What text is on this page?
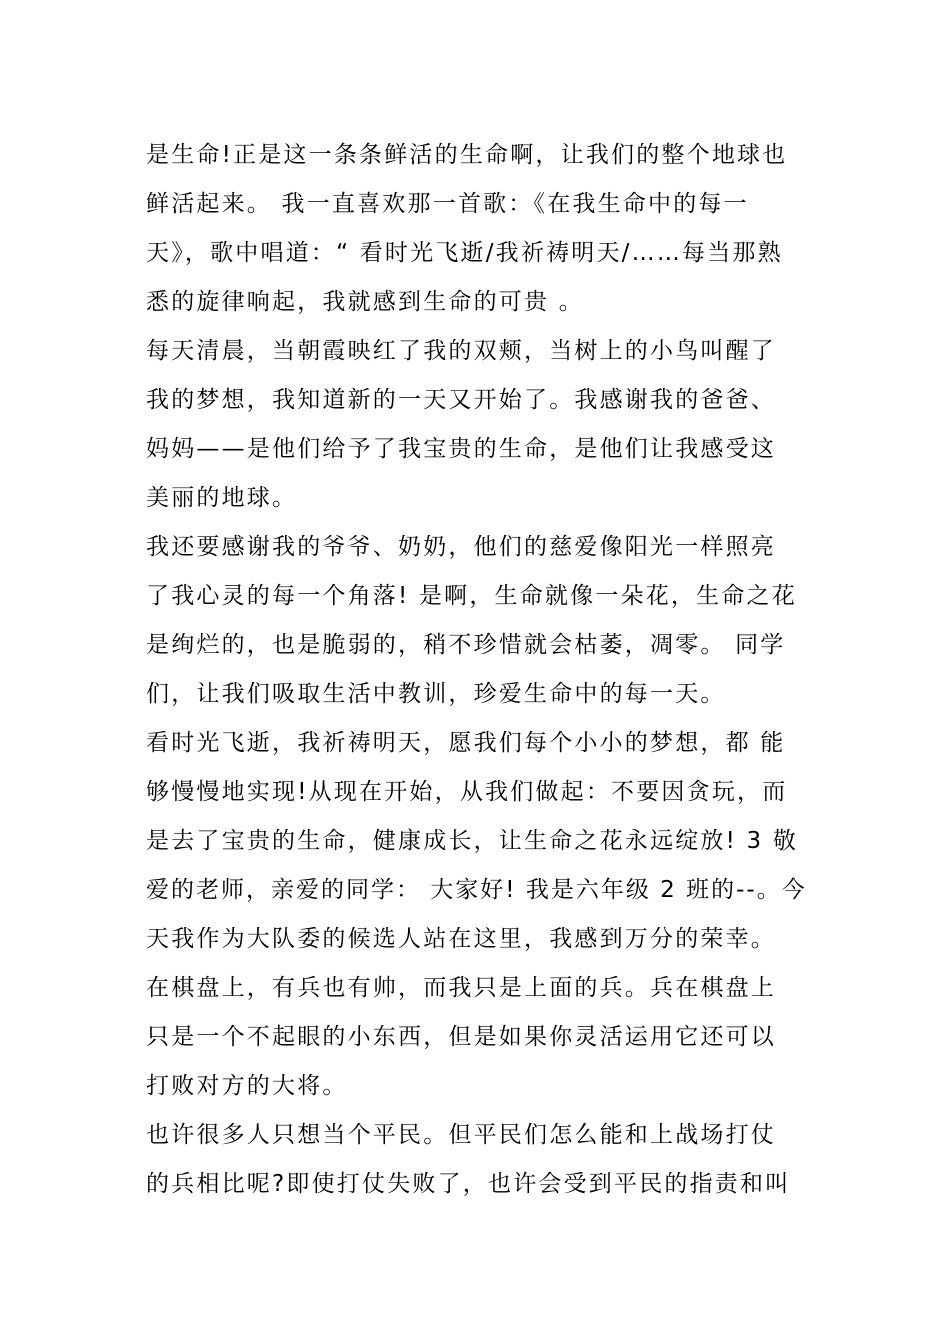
是生命!正是这一条条鲜活的生命啊，让我们的整个地球也
鲜活起来。 我一直喜欢那一首歌：《在我生命中的每一
天》，歌中唱道：“ 看时光飞逝/我祈祷明天/……每当那熟
悉的旋律响起，我就感到生命的可贵 。
每天清晨，当朝霞映红了我的双颊，当树上的小鸟叫醒了
我的梦想，我知道新的一天又开始了。我感谢我的爸爸、
妈妈——是他们给予了我宝贵的生命，是他们让我感受这
美丽的地球。
我还要感谢我的爷爷、奶奶，他们的慈爱像阳光一样照亮
了我心灵的每一个角落! 是啊，生命就像一朵花，生命之花
是绚烂的，也是脆弱的，稍不珍惜就会枯萎，凋零。 同学
们，让我们吸取生活中教训，珍爱生命中的每一天。
看时光飞逝，我祈祷明天，愿我们每个小小的梦想，都 能
够慢慢地实现!从现在开始，从我们做起：不要因贪玩，而
是去了宝贵的生命，健康成长，让生命之花永远绽放! 3 敬
爱的老师，亲爱的同学： 大家好! 我是六年级 2 班的--。今
天我作为大队委的候选人站在这里，我感到万分的荣幸。
在棋盘上，有兵也有帅，而我只是上面的兵。兵在棋盘上
只是一个不起眼的小东西，但是如果你灵活运用它还可以
打败对方的大将。
也许很多人只想当个平民。但平民们怎么能和上战场打仗
的兵相比呢?即使打仗失败了，也许会受到平民的指责和叫
